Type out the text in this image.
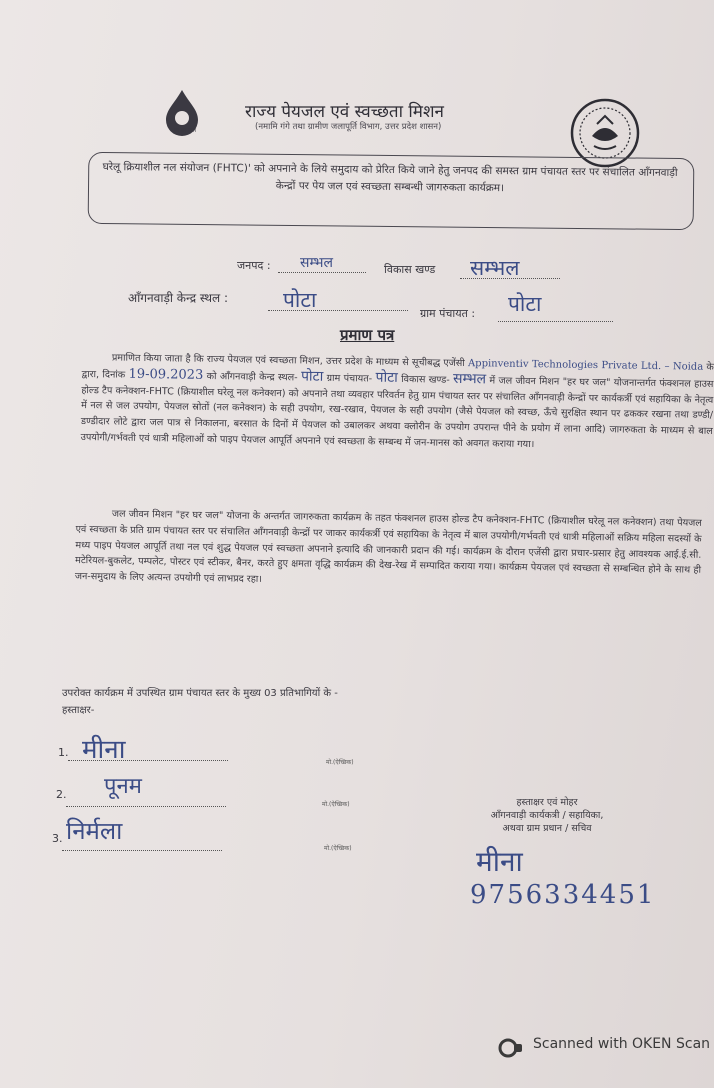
हर घर जल
राज्य पेयजल एवं स्वच्छता मिशन
(नमामि गंगे तथा ग्रामीण जलापूर्ति विभाग, उत्तर प्रदेश शासन)
घरेलू क्रियाशील नल संयोजन (FHTC)' को अपनाने के लिये समुदाय को प्रेरित किये जाने हेतु जनपद की समस्त ग्राम पंचायत स्तर पर संचालित आँगनवाड़ी केन्द्रों पर पेय जल एवं स्वच्छता सम्बन्धी जागरुकता कार्यक्रम।
जनपद : सम्भल	विकास खण्ड सम्भल
आँगनवाड़ी केन्द्र स्थल :	पोटा
ग्राम पंचायत : पोटा
प्रमाण पत्र
प्रमाणित किया जाता है कि राज्य पेयजल एवं स्वच्छता मिशन, उत्तर प्रदेश के माध्यम से सूचीबद्ध एजेंसी Appinventiv Technologies Private Ltd. – Noida के द्वारा, दिनांक 19-09.2023 को आँगनवाड़ी केन्द्र स्थल- पोटा ग्राम पंचायत- पोटा विकास खण्ड- सम्भल में जल जीवन मिशन "हर घर जल" योजनान्तर्गत फंक्शनल हाउस होल्ड टैप कनेक्शन-FHTC (क्रियाशील घरेलू नल कनेक्शन) को अपनाने तथा व्यवहार परिवर्तन हेतु ग्राम पंचायत स्तर पर संचालित आँगनवाड़ी केन्द्रों पर कार्यकर्त्री एवं सहायिका के नेतृत्व में नल से जल उपयोग, पेयजल स्रोतों (नल कनेक्शन) के सही उपयोग, रख-रखाव, पेयजल के सही उपयोग (जैसे पेयजल को स्वच्छ, ऊँचे सुरक्षित स्थान पर ढककर रखना तथा डण्डी/डण्डीदार लोटे द्वारा जल पात्र से निकालना, बरसात के दिनों में पेयजल को उबालकर अथवा क्लोरीन के उपयोग उपरान्त पीने के प्रयोग में लाना आदि) जागरुकता के माध्यम से बाल उपयोगी/गर्भवती एवं धात्री महिलाओं को पाइप पेयजल आपूर्ति अपनाने एवं स्वच्छता के सम्बन्ध में जन-मानस को अवगत कराया गया।
जल जीवन मिशन "हर घर जल" योजना के अन्तर्गत जागरुकता कार्यक्रम के तहत फंक्शनल हाउस होल्ड टैप कनेक्शन-FHTC (क्रियाशील घरेलू नल कनेक्शन) तथा पेयजल एवं स्वच्छता के प्रति ग्राम पंचायत स्तर पर संचालित आँगनवाड़ी केन्द्रों पर जाकर कार्यकर्त्री एवं सहायिका के नेतृत्व में बाल उपयोगी/गर्भवती एवं धात्री महिलाओं सक्रिय महिला सदस्यों के मध्य पाइप पेयजल आपूर्ति तथा नल एवं शुद्ध पेयजल एवं स्वच्छता अपनाने इत्यादि की जानकारी प्रदान की गई। कार्यक्रम के दौरान एजेंसी द्वारा प्रचार-प्रसार हेतु आवश्यक आई.ई.सी. मटेरियल-बुकलेट, पम्पलेट, पोस्टर एवं स्टीकर, बैनर, करते हुए क्षमता वृद्धि कार्यक्रम की देख-रेख में सम्पादित कराया गया। कार्यक्रम पेयजल एवं स्वच्छता से सम्बन्धित होने के साथ ही जन-समुदाय के लिए अत्यन्त उपयोगी एवं लाभप्रद रहा।
उपरोक्त कार्यक्रम में उपस्थित ग्राम पंचायत स्तर के मुख्य 03 प्रतिभागियों के -
हस्ताक्षर-
1. मीना	मो.(ऐच्छिक)
2. पूनम
मो.(ऐच्छिक)
3. निर्मला
मो.(ऐच्छिक)
हस्ताक्षर एवं मोहर
आँगनवाड़ी कार्यकत्री / सहायिका,
अथवा ग्राम प्रधान / सचिव
मीना
9756334451
Scanned with OKEN Scan
